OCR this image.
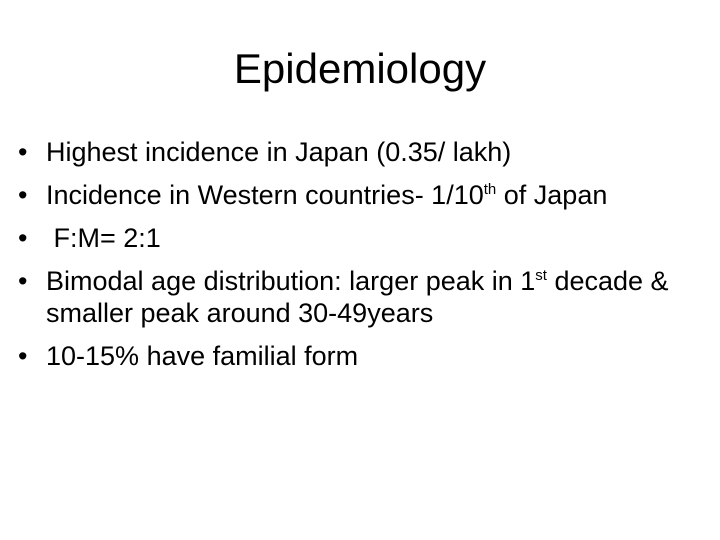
Epidemiology
• Highest incidence in Japan (0.35/ lakh)
• Incidence in Western countries- 1/10th of Japan
• F:M= 2:1
• Bimodal age distribution: larger peak in 1st decade & smaller peak around 30-49years
• 10-15% have familial form
